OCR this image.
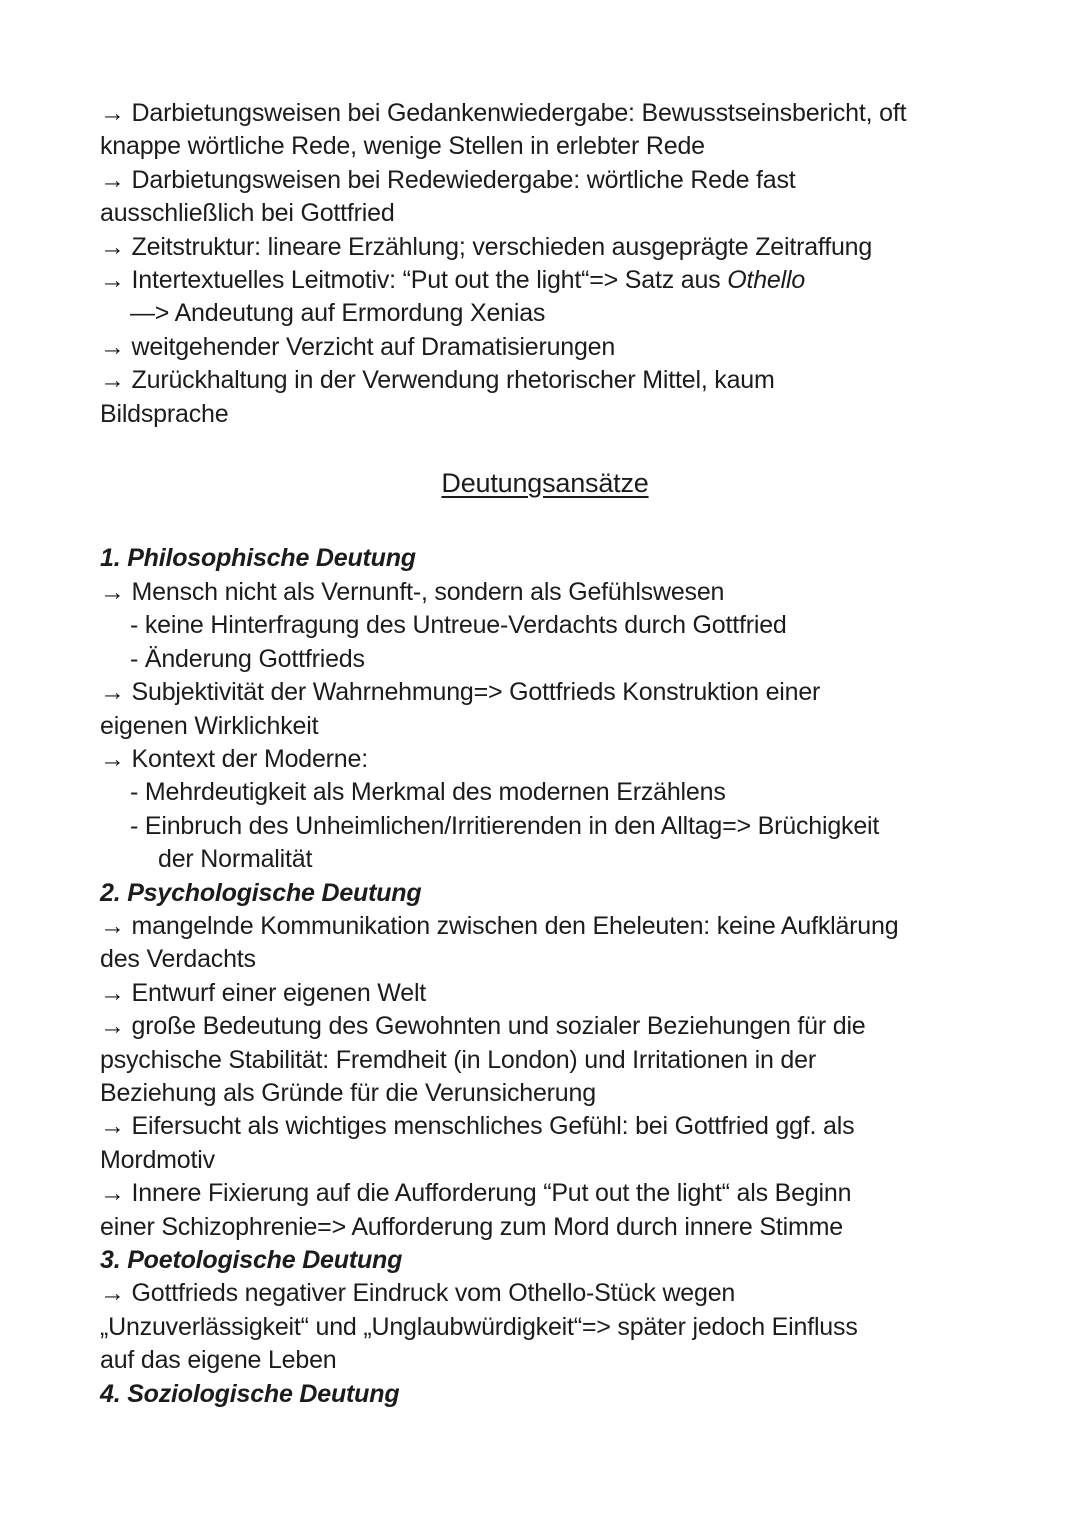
→ Darbietungsweisen bei Gedankenwiedergabe: Bewusstseinsbericht, oft
knappe wörtliche Rede, wenige Stellen in erlebter Rede
→ Darbietungsweisen bei Redewiedergabe: wörtliche Rede fast
ausschließlich bei Gottfried
→ Zeitstruktur: lineare Erzählung; verschieden ausgeprägte Zeitraffung
→ Intertextuelles Leitmotiv: “Put out the light“=> Satz aus Othello
—> Andeutung auf Ermordung Xenias
→ weitgehender Verzicht auf Dramatisierungen
→ Zurückhaltung in der Verwendung rhetorischer Mittel, kaum
Bildsprache
Deutungsansätze
1. Philosophische Deutung
→ Mensch nicht als Vernunft-, sondern als Gefühlswesen
- keine Hinterfragung des Untreue-Verdachts durch Gottfried
- Änderung Gottfrieds
→ Subjektivität der Wahrnehmung=> Gottfrieds Konstruktion einer
eigenen Wirklichkeit
→ Kontext der Moderne:
- Mehrdeutigkeit als Merkmal des modernen Erzählens
- Einbruch des Unheimlichen/Irritierenden in den Alltag=> Brüchigkeit
der Normalität
2. Psychologische Deutung
→ mangelnde Kommunikation zwischen den Eheleuten: keine Aufklärung
des Verdachts
→ Entwurf einer eigenen Welt
→ große Bedeutung des Gewohnten und sozialer Beziehungen für die
psychische Stabilität: Fremdheit (in London) und Irritationen in der
Beziehung als Gründe für die Verunsicherung
→ Eifersucht als wichtiges menschliches Gefühl: bei Gottfried ggf. als
Mordmotiv
→ Innere Fixierung auf die Aufforderung “Put out the light“ als Beginn
einer Schizophrenie=> Aufforderung zum Mord durch innere Stimme
3. Poetologische Deutung
→ Gottfrieds negativer Eindruck vom Othello-Stück wegen
„Unzuverlässigkeit“ und „Unglaubwürdigkeit“=> später jedoch Einfluss
auf das eigene Leben
4. Soziologische Deutung
